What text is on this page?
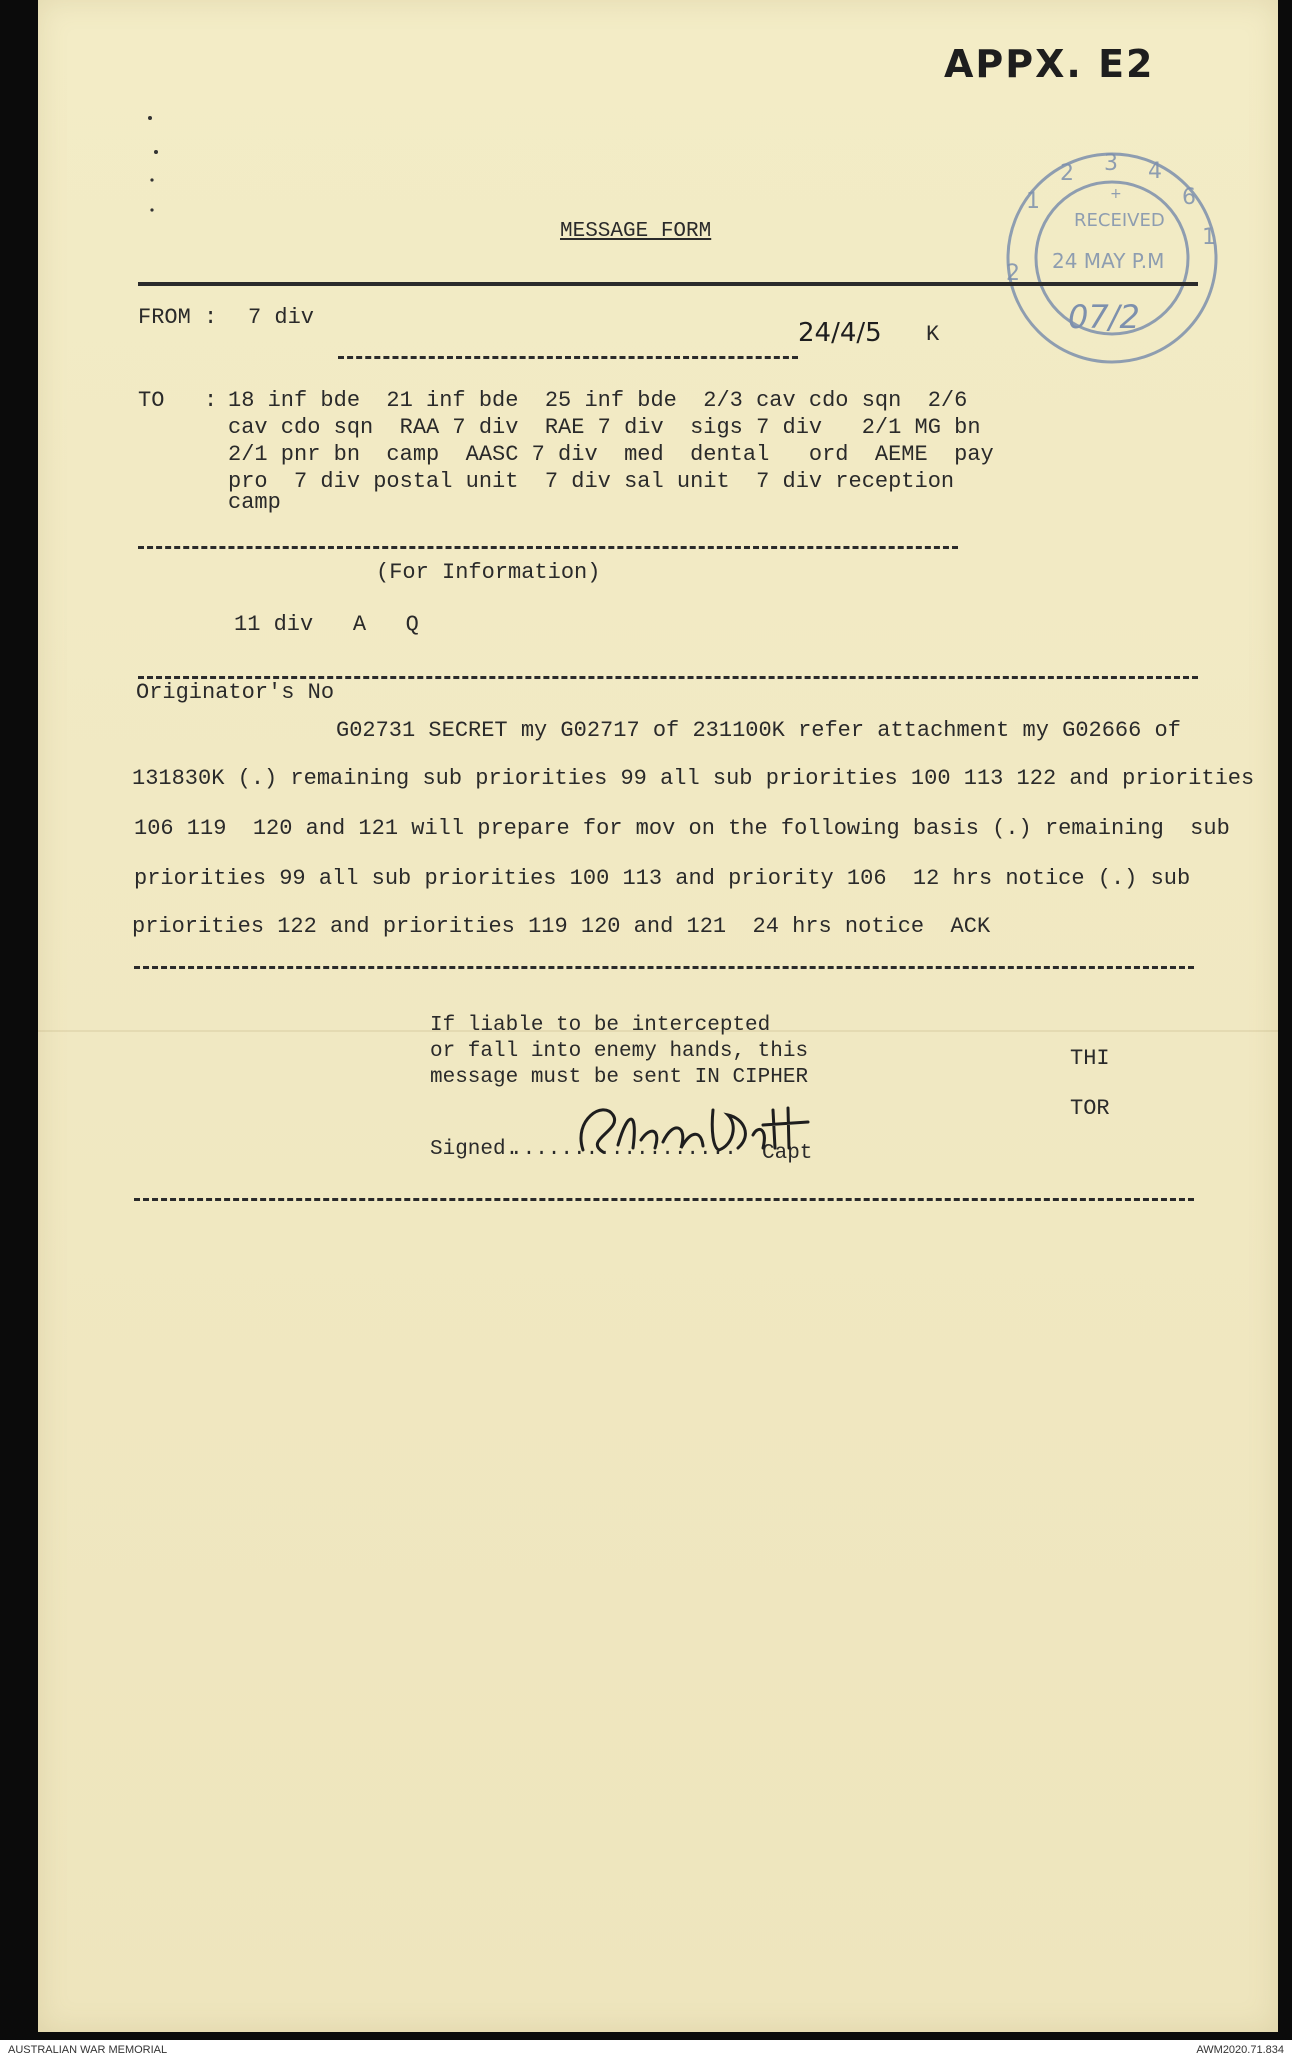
APPX. E2
1
2 3 4
6
1
2
+
RECEIVED
24 MAY P.M
MESSAGE FORM
FROM : 7 div
24/4/5 K	07/2
TO   : 18 inf bde  21 inf bde  25 inf bde  2/3 cav cdo sqn  2/6
cav cdo sqn  RAA 7 div  RAE 7 div  sigs 7 div   2/1 MG bn
2/1 pnr bn  camp  AASC 7 div  med  dental   ord  AEME  pay
pro  7 div postal unit  7 div sal unit  7 div reception
camp
(For Information)
11 div   A   Q
Originator's No
G02731 SECRET my G02717 of 231100K refer attachment my G02666 of
131830K (.) remaining sub priorities 99 all sub priorities 100 113 122 and priorities
106 119  120 and 121 will prepare for mov on the following basis (.) remaining  sub
priorities 99 all sub priorities 100 113 and priority 106  12 hrs notice (.) sub
priorities 122 and priorities 119 120 and 121  24 hrs notice  ACK
If liable to be intercepted
or fall into enemy hands, this
message must be sent IN CIPHER
THI
TOR
Signed.
.................. Capt
AUSTRALIAN WAR MEMORIAL	AWM2020.71.834
